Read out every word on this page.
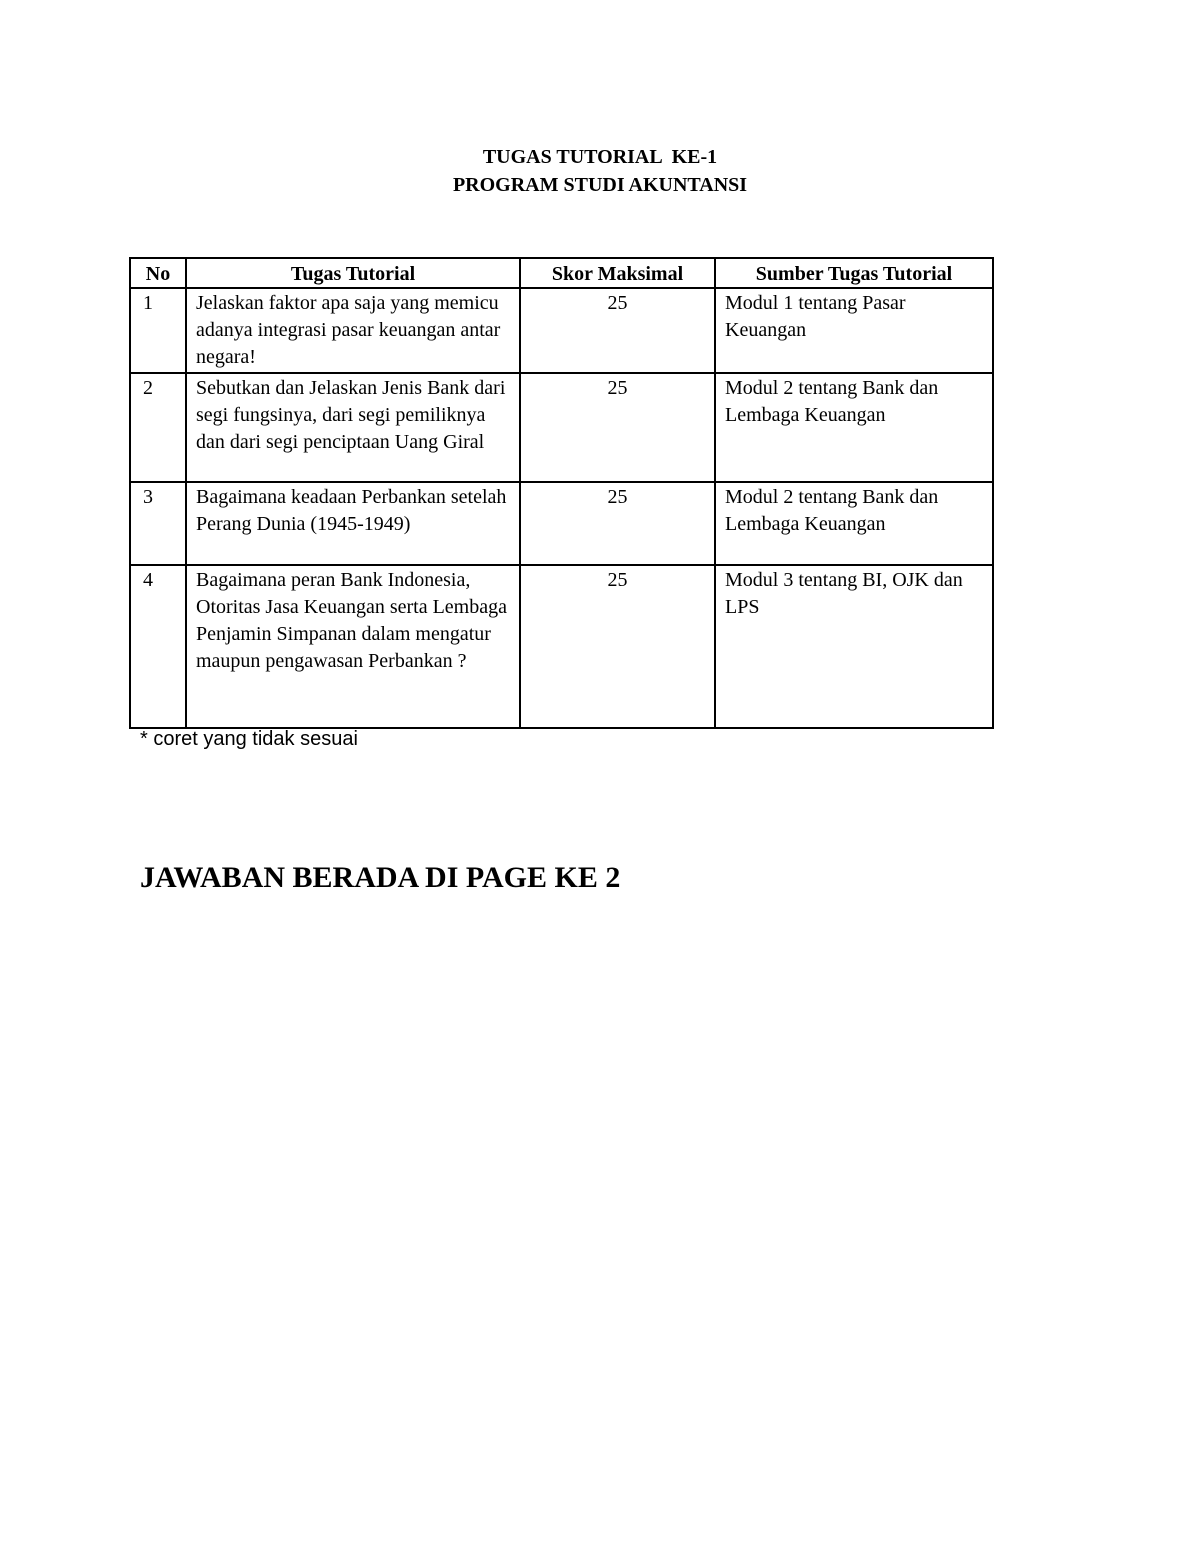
TUGAS TUTORIAL  KE-1
PROGRAM STUDI AKUNTANSI
No	Tugas Tutorial	Skor Maksimal	Sumber Tugas Tutorial
1	Jelaskan faktor apa saja yang memicu adanya integrasi pasar keuangan antar negara!	25	Modul 1 tentang Pasar Keuangan
2	Sebutkan dan Jelaskan Jenis Bank dari segi fungsinya, dari segi pemiliknya dan dari segi penciptaan Uang Giral	25	Modul 2 tentang Bank dan Lembaga Keuangan
3	Bagaimana keadaan Perbankan setelah Perang Dunia (1945-1949)	25	Modul 2 tentang Bank dan Lembaga Keuangan
4	Bagaimana peran Bank Indonesia, Otoritas Jasa Keuangan serta Lembaga Penjamin Simpanan dalam mengatur maupun pengawasan Perbankan ?	25	Modul 3 tentang BI, OJK dan LPS
* coret yang tidak sesuai
JAWABAN BERADA DI PAGE KE 2
